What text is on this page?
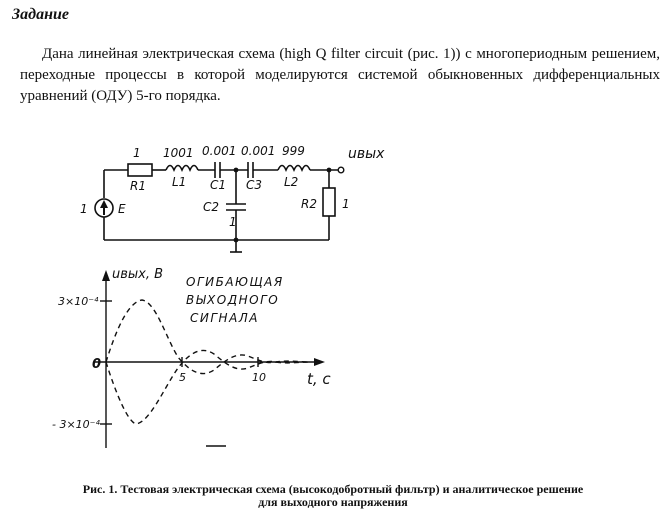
Задание
Дана линейная электрическая схема (high Q filter circuit (рис. 1)) с многопериодным решением, переходные процессы в которой моделируются системой обыкновенных дифференциальных уравнений (ОДУ) 5-го порядка.
1
R1
1001
L1
0.001
C1
0.001
C3
999
L2
uвых
1	E	C2
1
R2 1
uвых, В
t, с
3×10⁻⁴
0
- 3×10⁻⁴
5	10
ОГИБАЮЩАЯ
ВЫХОДНОГО
СИГНАЛА
Рис. 1. Тестовая электрическая схема (высокодобротный фильтр) и аналитическое решение
для выходного напряжения
